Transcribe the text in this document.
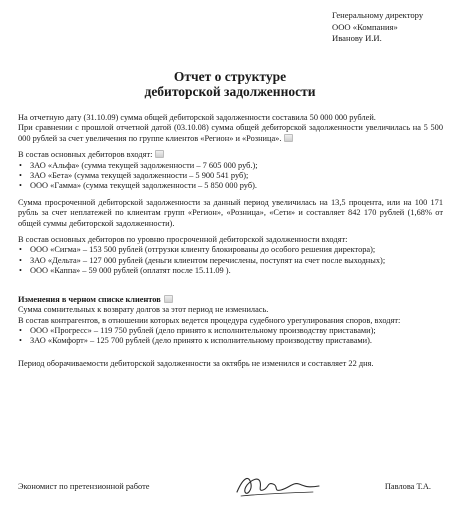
Генеральному директору
ООО «Компания»
Иванову И.И.
Отчет о структуре
дебиторской задолженности

На отчетную дату (31.10.09) сумма общей дебиторской задолженности составила 50 000 000 рублей.

При сравнении с прошлой отчетной датой (03.10.08) сумма общей дебиторской задолженности увеличилась на 5 500 000 рублей за счет увеличения по группе клиентов «Регион» и «Розница».

В состав основных дебиторов входят:

• ЗАО «Альфа» (сумма текущей задолженности – 7 605 000 руб.);
• ЗАО «Бета» (сумма текущей задолженности – 5 900 541 руб);
• ООО «Гамма» (сумма текущей задолженности – 5 850 000 руб).

Сумма просроченной дебиторской задолженности за данный период увеличилась на 13,5 процента, или на 100 171 рубль за счет неплатежей по клиентам групп «Регион», «Розница», «Сети» и составляет 842 170 рублей (1,68% от общей суммы дебиторской задолженности).

В состав основных дебиторов по уровню просроченной дебиторской задолженности входят:

• ООО «Сигма» – 153 500 рублей (отгрузки клиенту блокированы до особого решения директора);
• ЗАО «Дельта» – 127 000 рублей (деньги клиентом перечислены, поступят на счет после выходных);
• ООО «Каппа» – 59 000 рублей (оплатят после 15.11.09 ).

Изменения в черном списке клиентов

Сумма сомнительных к возврату долгов за этот период не изменилась.

В состав контрагентов, в отношении которых ведется процедура судебного урегулирования споров, входят:

• ООО «Прогресс» – 119 750 рублей (дело принято к исполнительному производству приставами);
• ЗАО «Комфорт» – 125 700 рублей (дело принято к исполнительному производству приставами).

Период оборачиваемости дебиторской задолженности за октябрь не изменился и составляет 22 дня.

Экономист по претензионной работе	Павлова Т.А.
